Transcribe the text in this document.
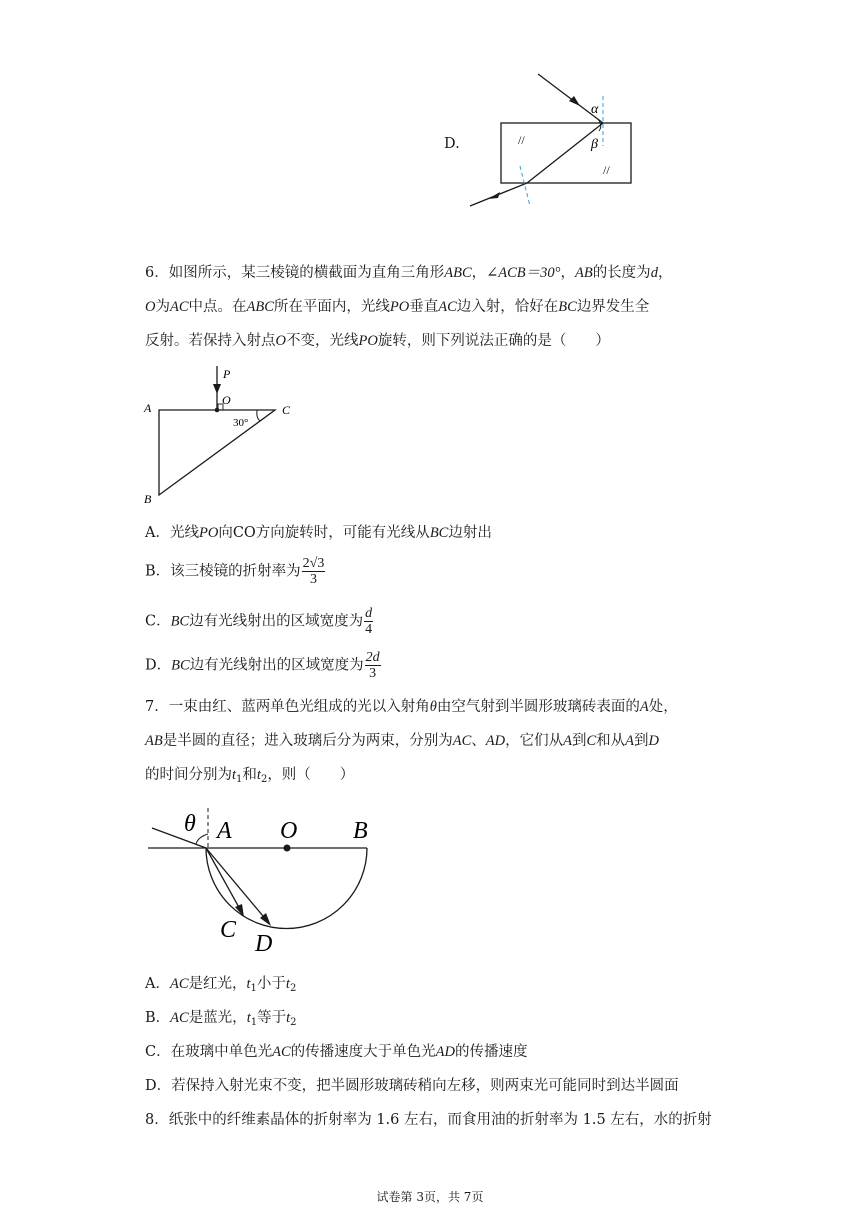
D.
α
β
//
//
6．如图所示，某三棱镜的横截面为直角三角形ABC，∠ACB＝30°，AB的长度为d，
O为AC中点。在ABC所在平面内，光线PO垂直AC边入射，恰好在BC边界发生全
反射。若保持入射点O不变，光线PO旋转，则下列说法正确的是（　　）
P
O
A
B
C
30°
A．光线PO向CO方向旋转时，可能有光线从BC边射出
B．该三棱镜的折射率为 $\frac{2√3}{3}$
C．BC边有光线射出的区域宽度为 $\frac{d}{4}$
D．BC边有光线射出的区域宽度为 $\frac{2d}{3}$
7．一束由红、蓝两单色光组成的光以入射角θ由空气射到半圆形玻璃砖表面的A处，
AB是半圆的直径；进入玻璃后分为两束，分别为AC、AD，它们从A到C和从A到D
的时间分别为$t_1$和$t_2$，则（　　）
θ A O B
C
D
A．AC是红光，$t_1$小于$t_2$
B．AC是蓝光，$t_1$等于$t_2$
C．在玻璃中单色光AC的传播速度大于单色光AD的传播速度
D．若保持入射光束不变，把半圆形玻璃砖稍向左移，则两束光可能同时到达半圆面
8．纸张中的纤维素晶体的折射率为 1.6 左右，而食用油的折射率为 1.5 左右，水的折射
试卷第 3页，共 7页
